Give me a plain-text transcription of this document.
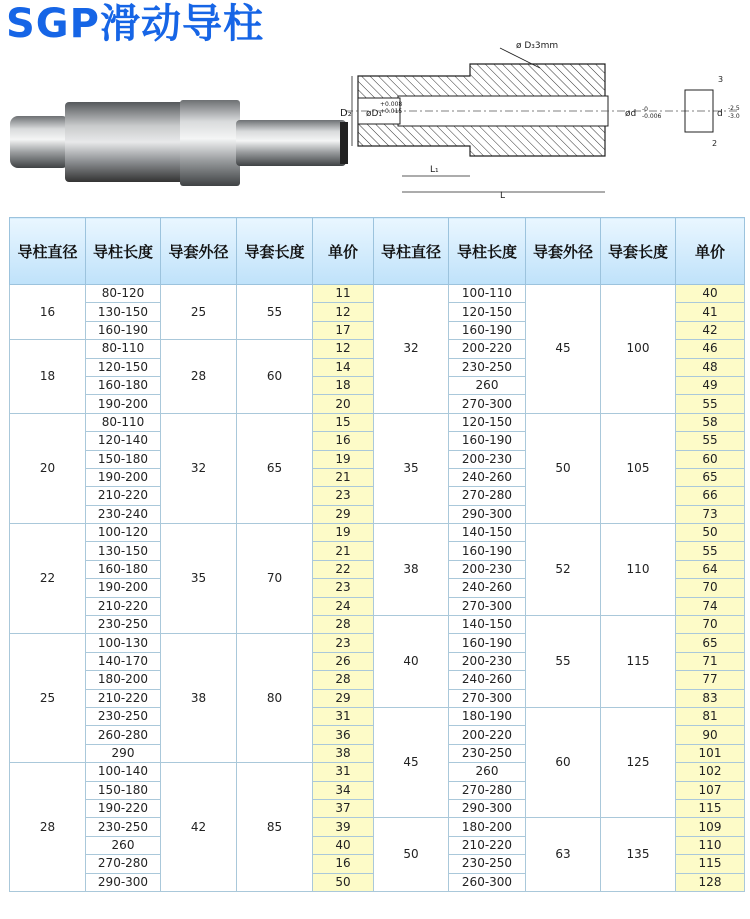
SGP滑动导柱	ø D₃3mm
D₂ øD₁
+0.008
+0.015	ød -0
-0.006
L₁
L
3
2
d
-2.5
-3.0
导柱直径	导柱长度	导套外径	导套长度	单价	导柱直径	导柱长度	导套外径	导套长度	单价
16	80-120	25	55	11	32	100-110	45	100	40
	130-150			12		120-150			41
	160-190			17		160-190			42
18	80-110	28	60	12		200-220			46
	120-150			14		230-250			48
	160-180			18		260			49
	190-200			20		270-300			55
20	80-110	32	65	15	35	120-150	50	105	58
	120-140			16		160-190			55
	150-180			19		200-230			60
	190-200			21		240-260			65
	210-220			23		270-280			66
	230-240			29		290-300			73
22	100-120	35	70	19	38	140-150	52	110	50
	130-150			21		160-190			55
	160-180			22		200-230			64
	190-200			23		240-260			70
	210-220			24		270-300			74
	230-250			28	40	140-150	55	115	70
25	100-130	38	80	23		160-190			65
	140-170			26		200-230			71
	180-200			28		240-260			77
	210-220			29		270-300			83
	230-250			31	45	180-190	60	125	81
	260-280			36		200-220			90
	290			38		230-250			101
28	100-140	42	85	31		260			102
	150-180			34		270-280			107
	190-220			37		290-300			115
	230-250			39	50	180-200	63	135	109
	260			40		210-220			110
	270-280			16		230-250			115
	290-300			50		260-300			128
